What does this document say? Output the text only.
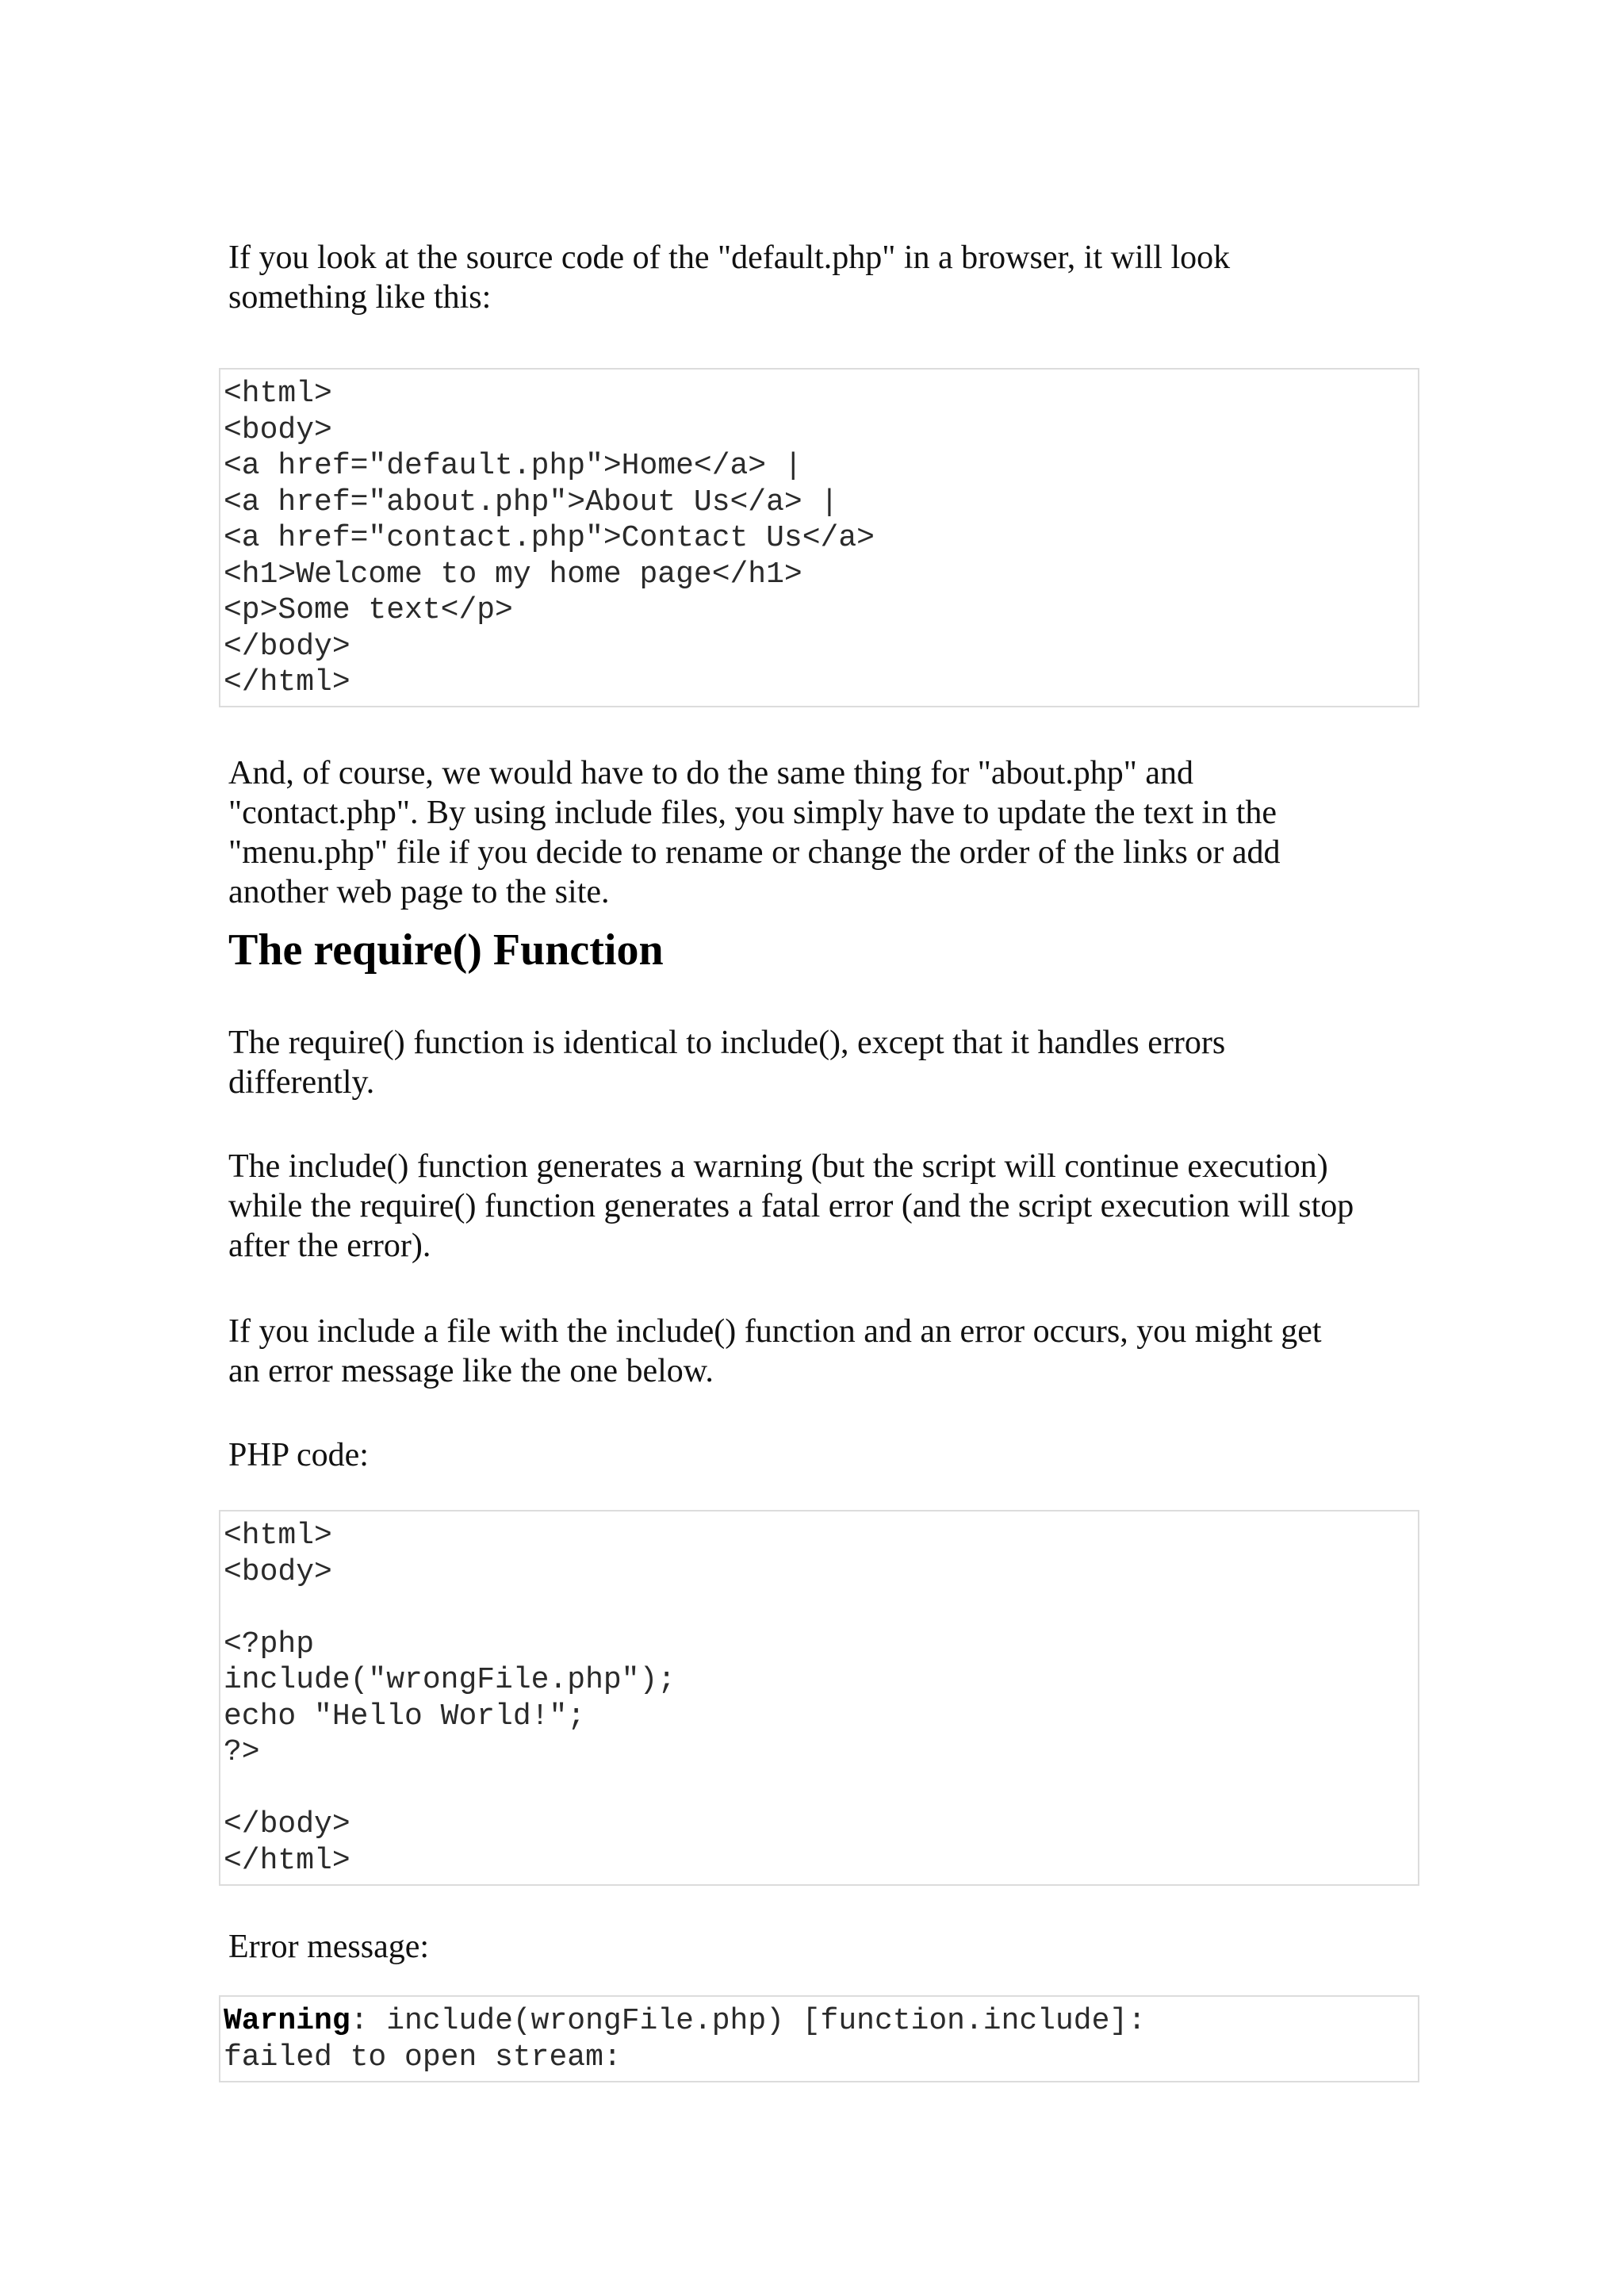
If you look at the source code of the "default.php" in a browser, it will look

something like this:

<html>
<body>
<a href="default.php">Home</a> |
<a href="about.php">About Us</a> |
<a href="contact.php">Contact Us</a>
<h1>Welcome to my home page</h1>
<p>Some text</p>
</body>
</html>

And, of course, we would have to do the same thing for "about.php" and

"contact.php". By using include files, you simply have to update the text in the

"menu.php" file if you decide to rename or change the order of the links or add

another web page to the site.

The require() Function

The require() function is identical to include(), except that it handles errors

differently.

The include() function generates a warning (but the script will continue execution)

while the require() function generates a fatal error (and the script execution will stop

after the error).

If you include a file with the include() function and an error occurs, you might get

an error message like the one below.

PHP code:

<html>
<body>
<?php
include("wrongFile.php");
echo "Hello World!";
?>
</body>
</html>

Error message:

Warning: include(wrongFile.php) [function.include]:
failed to open stream:
